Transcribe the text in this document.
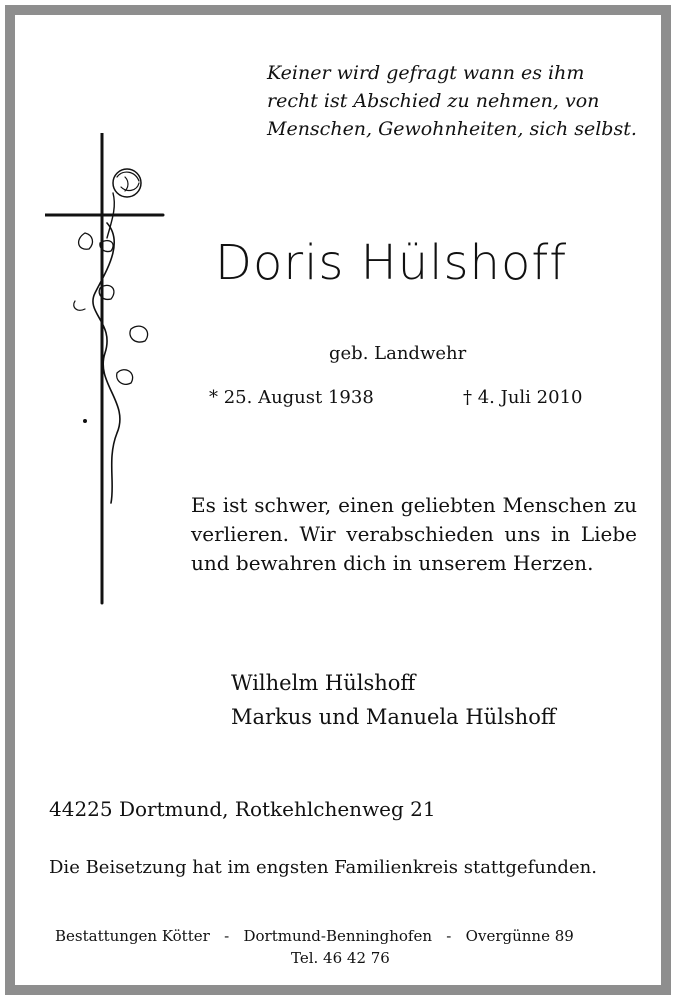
Keiner wird gefragt wann es ihm
recht ist Abschied zu nehmen, von
Menschen, Gewohnheiten, sich selbst.
Doris Hülshoff
geb. Landwehr
* 25. August 1938	† 4. Juli 2010
Es ist schwer, einen geliebten Menschen zu verlieren. Wir verabschieden uns in Liebe und bewahren dich in unserem Herzen.
Wilhelm Hülshoff
Markus und Manuela Hülshoff
44225 Dortmund, Rotkehlchenweg 21
Die Beisetzung hat im engsten Familienkreis stattgefunden.
Bestattungen Kötter   -   Dortmund-Benninghofen   -   Overgünne 89
Tel. 46 42 76
